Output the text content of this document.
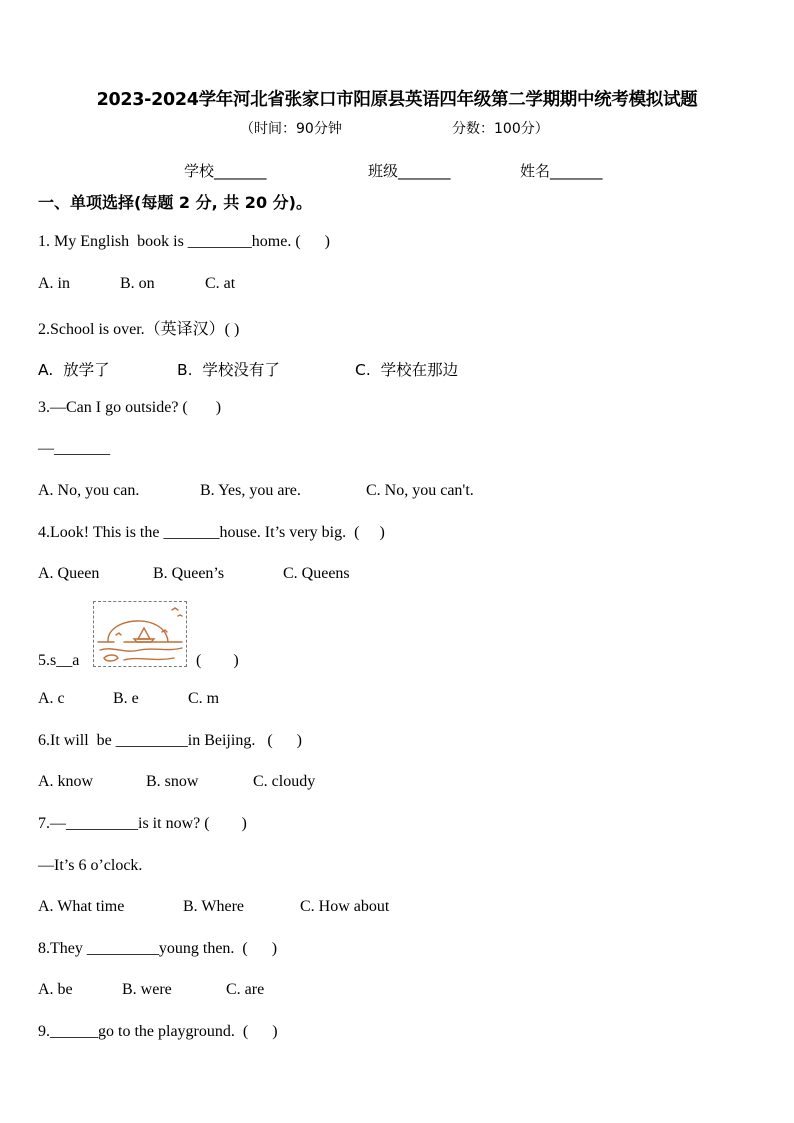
2023-2024学年河北省张家口市阳原县英语四年级第二学期期中统考模拟试题
（时间：90分钟	分数：100分）
学校_______	班级_______	姓名_______
一、单项选择(每题 2 分, 共 20 分)。
1. My English  book is ________home. (      )
A. in	B. on	C. at
2.School is over.（英译汉）( )
A.  放学了	B.  学校没有了	C.  学校在那边
3.—Can I go outside? (       )
—_______
A. No, you can.	B. Yes, you are.	C. No, you can't.
4.Look! This is the _______house. It’s very big.  (     )
A. Queen	B. Queen’s	C. Queens
5.s__a	(        )
A. c	B. e	C. m
6.It will  be _________in Beijing.   (      )
A. know	B. snow	C. cloudy
7.—_________is it now? (        )
—It’s 6 o’clock.
A. What time	B. Where	C. How about
8.They _________young then.  (      )
A. be	B. were	C. are
9.______go to the playground.  (      )
